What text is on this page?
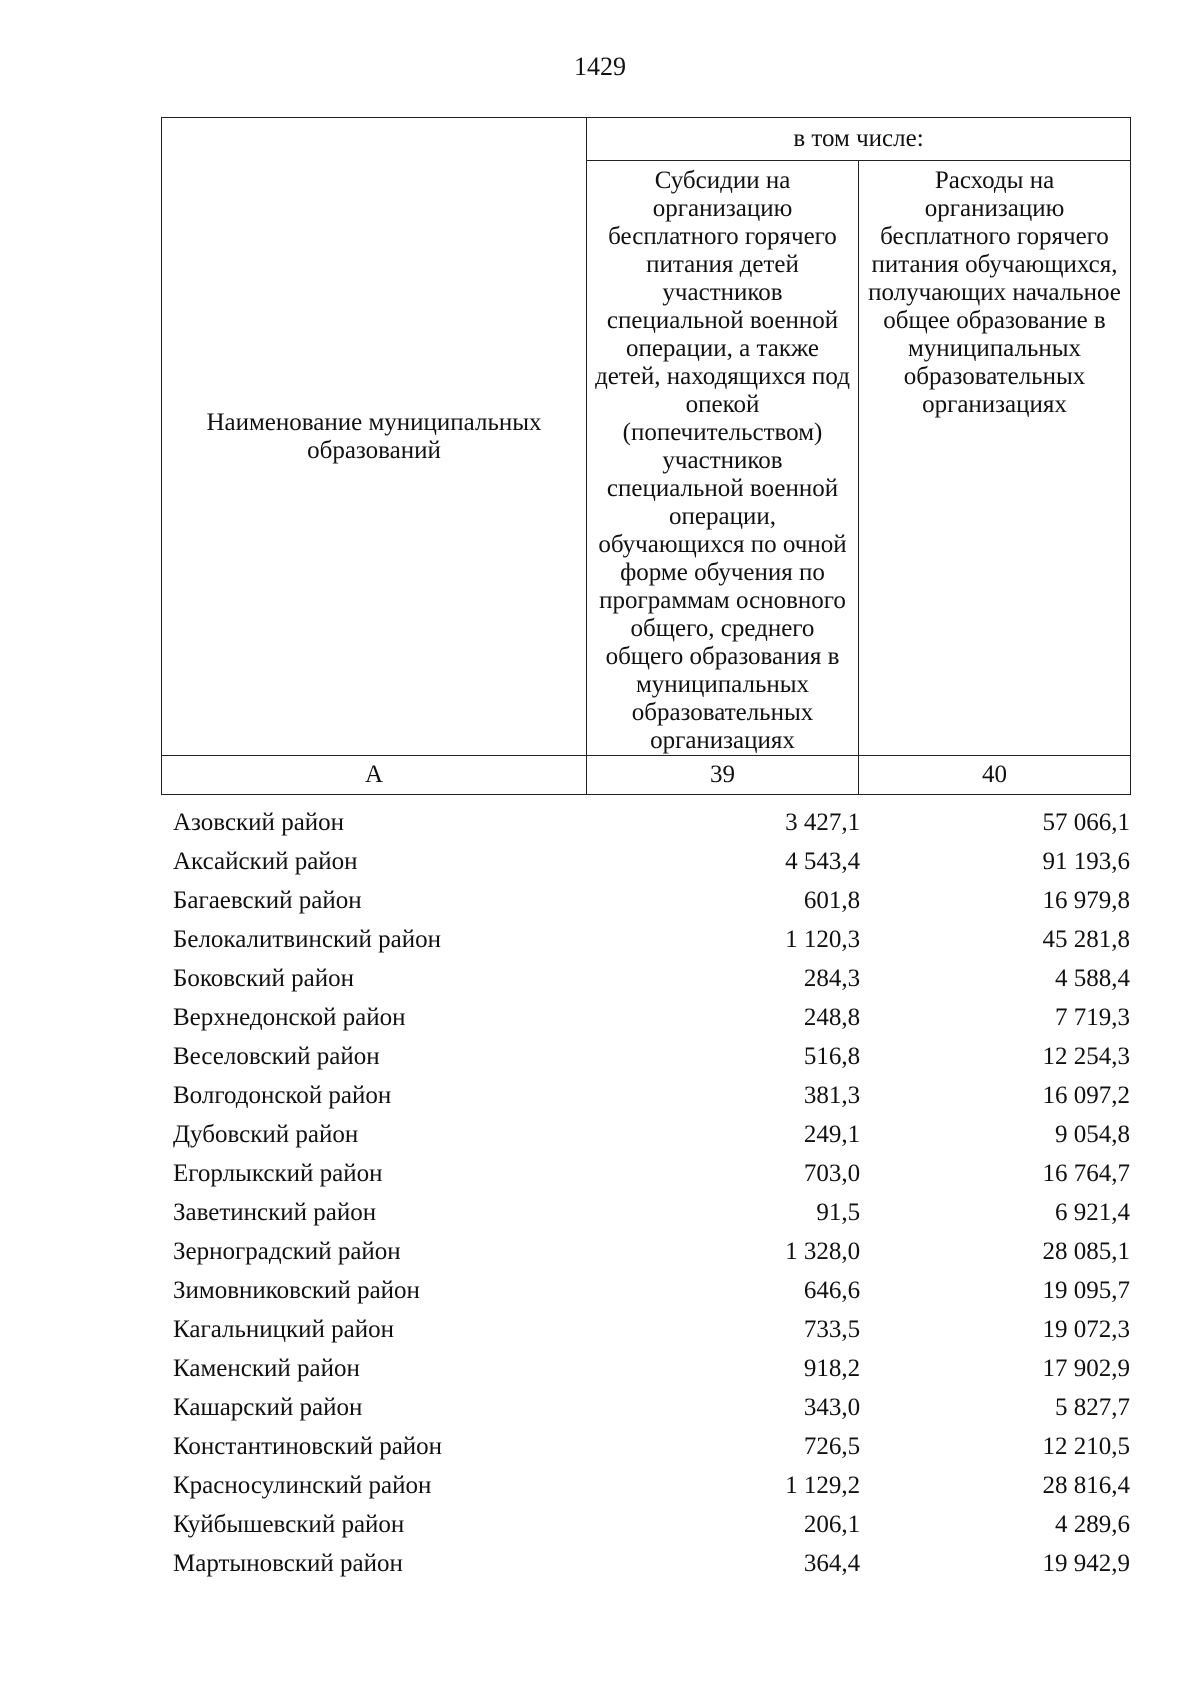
1429
Наименование муниципальных образований	в том числе:	
	Субсидии на организацию бесплатного горячего питания детей участников специальной военной операции, а также детей, находящихся под опекой (попечительством) участников специальной военной операции, обучающихся по очной форме обучения по программам основного общего, среднего общего образования в муниципальных образовательных организациях	Расходы на организацию бесплатного горячего питания обучающихся, получающих начальное общее образование в муниципальных образовательных организациях
А	39	40
Азовский район	3 427,1	57 066,1
Аксайский район	4 543,4	91 193,6
Багаевский район	601,8	16 979,8
Белокалитвинский район	1 120,3	45 281,8
Боковский район	284,3	4 588,4
Верхнедонской район	248,8	7 719,3
Веселовский район	516,8	12 254,3
Волгодонской район	381,3	16 097,2
Дубовский район	249,1	9 054,8
Егорлыкский район	703,0	16 764,7
Заветинский район	91,5	6 921,4
Зерноградский район	1 328,0	28 085,1
Зимовниковский район	646,6	19 095,7
Кагальницкий район	733,5	19 072,3
Каменский район	918,2	17 902,9
Кашарский район	343,0	5 827,7
Константиновский район	726,5	12 210,5
Красносулинский район	1 129,2	28 816,4
Куйбышевский район	206,1	4 289,6
Мартыновский район	364,4	19 942,9
